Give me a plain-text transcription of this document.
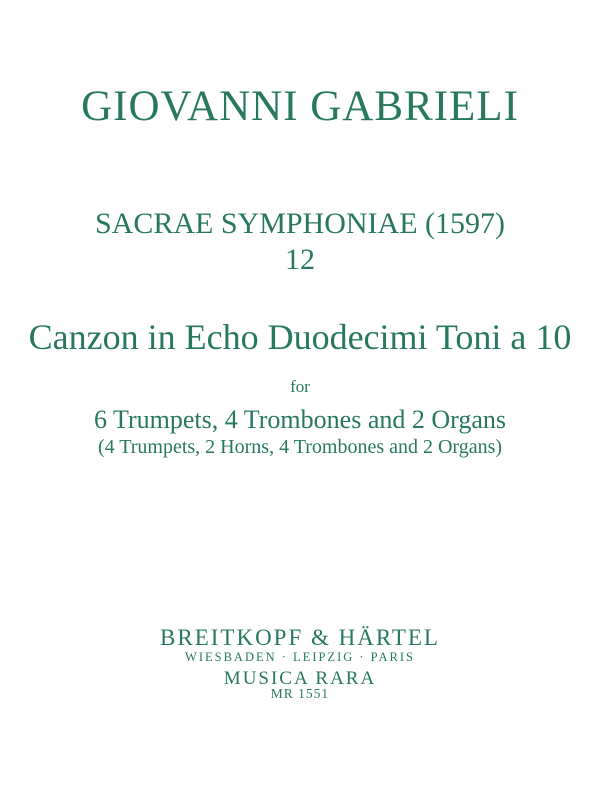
GIOVANNI GABRIELI
SACRAE SYMPHONIAE (1597)
12
Canzon in Echo Duodecimi Toni a 10
for
6 Trumpets, 4 Trombones and 2 Organs
(4 Trumpets, 2 Horns, 4 Trombones and 2 Organs)
BREITKOPF & HÄRTEL
WIESBADEN · LEIPZIG · PARIS
MUSICA RARA
MR 1551
